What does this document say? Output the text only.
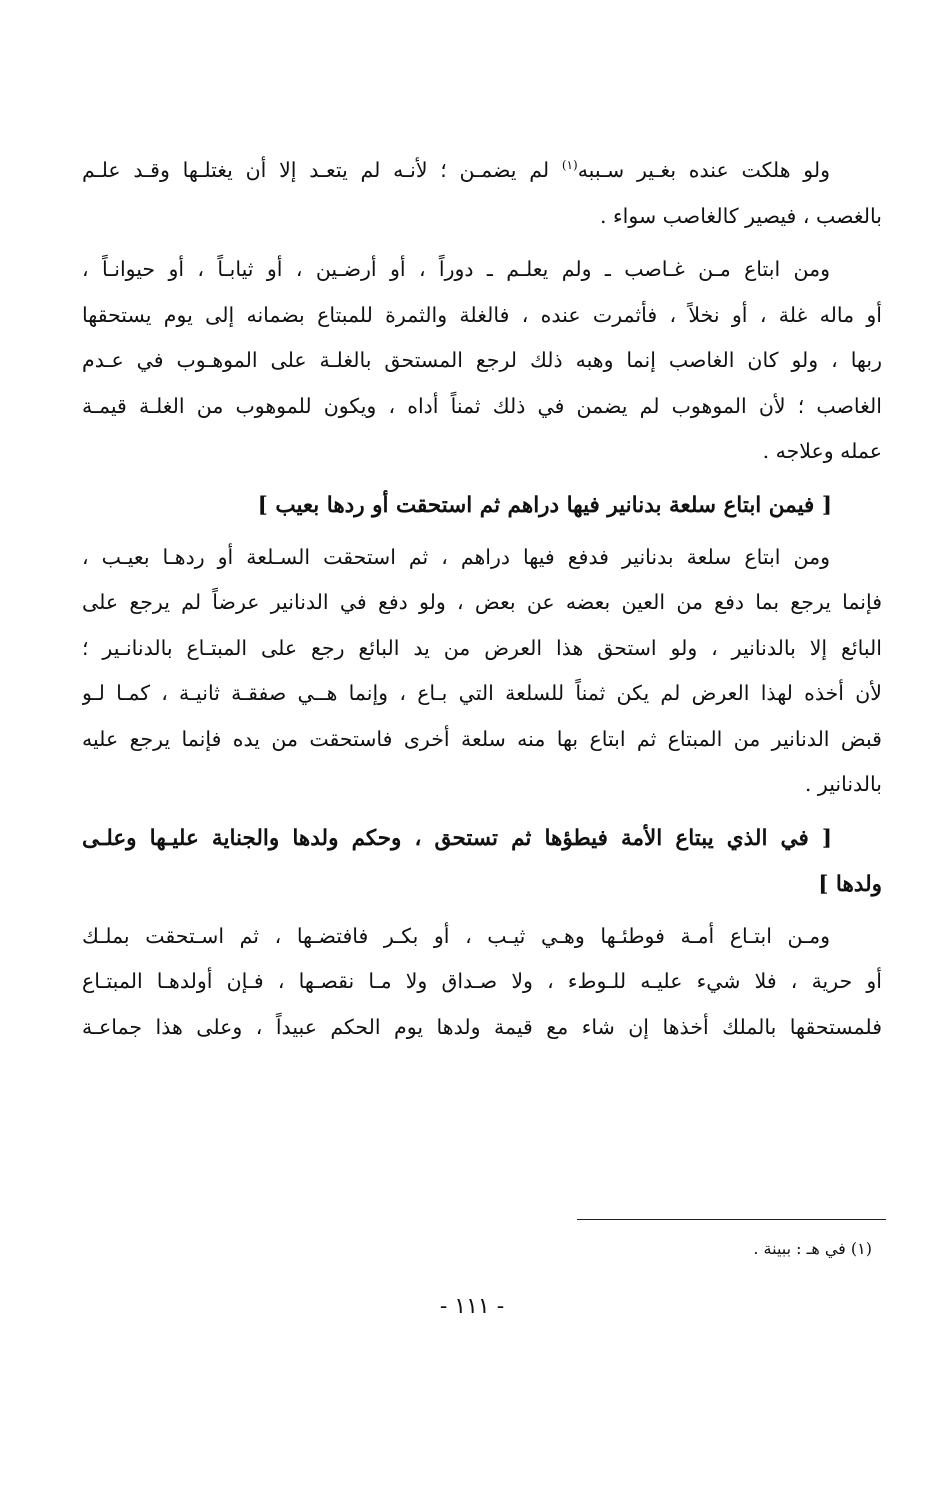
ولو هلكت عنده بغـير سـببه$^{(١)}$ لم يضمـن ؛ لأنـه لم يتعـد إلا أن يغتلـها وقـد علـم

بالغصب ، فيصير كالغاصب سواء .

ومن ابتاع مـن غـاصب ـ ولم يعلـم ـ دوراً ، أو أرضـين ، أو ثيابـاً ، أو حيوانـاً ،

أو ماله غلة ، أو نخلاً ، فأثمرت عنده ، فالغلة والثمرة للمبتاع بضمانه إلى يوم يستحقها
ربها ، ولو كان الغاصب إنما وهبه ذلك لرجع المستحق بالغلـة على الموهـوب في عـدم
الغاصب ؛ لأن الموهوب لم يضمن في ذلك ثمناً أداه ، ويكون للموهوب من الغلـة قيمـة
عمله وعلاجه .

[ فيمن ابتاع سلعة بدنانير فيها دراهم ثم استحقت أو ردها بعيب ]

ومن ابتاع سلعة بدنانير فدفع فيها دراهم ، ثم استحقت السـلعة أو ردهـا بعيـب ،

فإنما يرجع بما دفع من العين بعضه عن بعض ، ولو دفع في الدنانير عرضاً لم يرجع على
البائع إلا بالدنانير ، ولو استحق هذا العرض من يد البائع رجع على المبتـاع بالدنانـير ؛
لأن أخذه لهذا العرض لم يكن ثمناً للسلعة التي بـاع ، وإنما هــي صفقـة ثانيـة ، كمـا لـو
قبض الدنانير من المبتاع ثم ابتاع بها منه سلعة أخرى فاستحقت من يده فإنما يرجع عليه
بالدنانير .

[ في الذي يبتاع الأمة فيطؤها ثم تستحق ، وحكم ولدها والجناية عليـها وعلـى
ولدها ]

ومـن ابتـاع أمـة فوطئـها وهـي ثيـب ، أو بكـر فافتضـها ، ثم اسـتحقت بملـك

أو حرية ، فلا شيء عليـه للـوطء ، ولا صـداق ولا مـا نقصـها ، فـإن أولدهـا المبتـاع
فلمستحقها بالملك أخذها إن شاء مع قيمة ولدها يوم الحكم عبيداً ، وعلى هذا جماعـة

(١) في هـ : ببينة .
- ١١١ -
